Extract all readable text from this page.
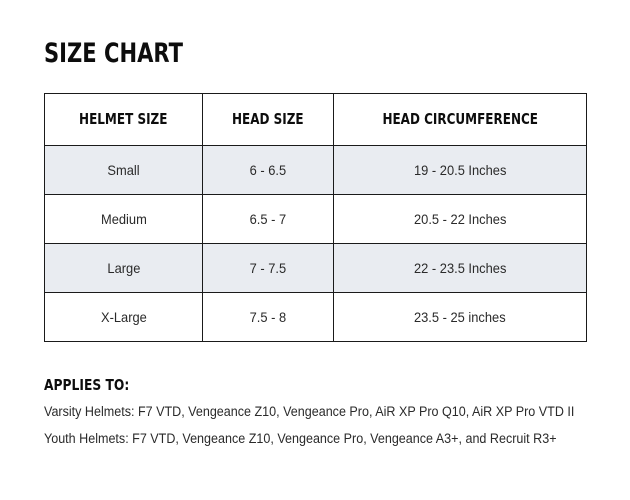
SIZE CHART
HELMET SIZE	HEAD SIZE	HEAD CIRCUMFERENCE
Small	6 - 6.5	19 - 20.5 Inches
Medium	6.5 - 7	20.5 - 22 Inches
Large	7 - 7.5	22 - 23.5 Inches
X-Large	7.5 - 8	23.5 - 25 inches
APPLIES TO:
Varsity Helmets: F7 VTD, Vengeance Z10, Vengeance Pro, AiR XP Pro Q10, AiR XP Pro VTD II
Youth Helmets: F7 VTD, Vengeance Z10, Vengeance Pro, Vengeance A3+, and Recruit R3+
